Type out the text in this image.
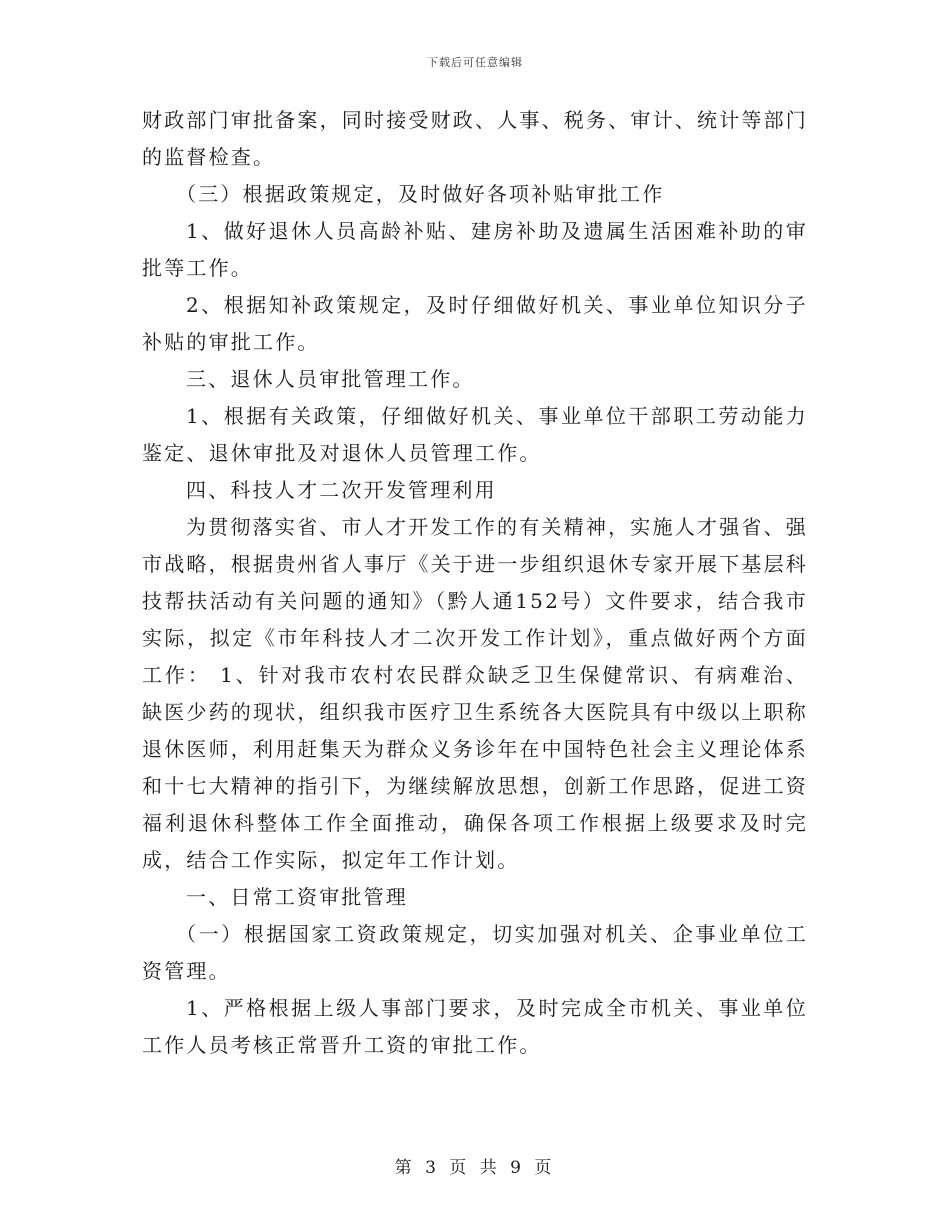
下载后可任意编辑

财政部门审批备案，同时接受财政、人事、税务、审计、统计等部门的监督检查。

（三）根据政策规定，及时做好各项补贴审批工作

1、做好退休人员高龄补贴、建房补助及遗属生活困难补助的审批等工作。

2、根据知补政策规定，及时仔细做好机关、事业单位知识分子补贴的审批工作。

三、退休人员审批管理工作。

1、根据有关政策，仔细做好机关、事业单位干部职工劳动能力鉴定、退休审批及对退休人员管理工作。

四、科技人才二次开发管理利用

为贯彻落实省、市人才开发工作的有关精神，实施人才强省、强市战略，根据贵州省人事厅《关于进一步组织退休专家开展下基层科技帮扶活动有关问题的通知》（黔人通152号）文件要求，结合我市实际，拟定《市年科技人才二次开发工作计划》，重点做好两个方面工作： 1、针对我市农村农民群众缺乏卫生保健常识、有病难治、缺医少药的现状，组织我市医疗卫生系统各大医院具有中级以上职称退休医师，利用赶集天为群众义务诊年在中国特色社会主义理论体系和十七大精神的指引下，为继续解放思想，创新工作思路，促进工资福利退休科整体工作全面推动，确保各项工作根据上级要求及时完成，结合工作实际，拟定年工作计划。

一、日常工资审批管理

（一）根据国家工资政策规定，切实加强对机关、企事业单位工资管理。

1、严格根据上级人事部门要求，及时完成全市机关、事业单位工作人员考核正常晋升工资的审批工作。

第 3 页 共 9 页
